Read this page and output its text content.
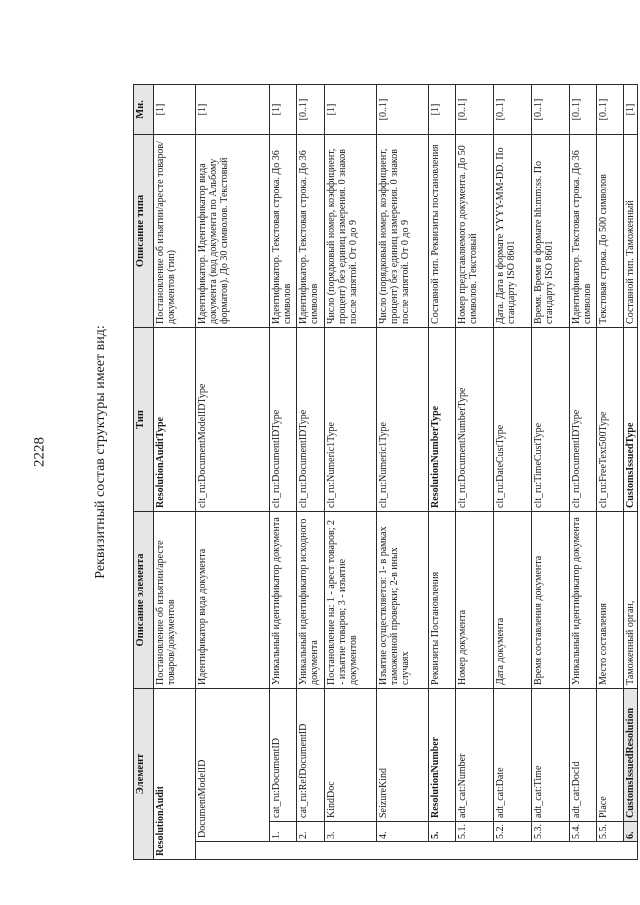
2228	Реквизитный состав структуры имеет вид:
Элемент			Описание элемента	Тип	Описание типа	Мн.
ResolutionAudit			Постановление об изъятии/аресте товаров/документов	ResolutionAuditType	Постановление об изъятии/аресте товаров/документов (тип)	[1]
	DocumentModelID		Идентификатор вида документа	clt_ru:DocumentModelIDType	Идентификатор. Идентификатор вида документа (код документа по Альбому форматов). До 30 символов. Текстовый	[1]
	1.	cat_ru:DocumentID	Уникальный идентификатор документа	clt_ru:DocumentIDType	Идентификатор. Текстовая строка. До 36 символов	[1]
	2.	cat_ru:RefDocumentID	Уникальный идентификатор исходного документа	clt_ru:DocumentIDType	Идентификатор. Текстовая строка. До 36 символов	[0..1]
	3.	KindDoc	Постановление на: 1 - арест товаров; 2 - изъятие товаров; 3 - изъятие документов	clt_ru:Numeric1Type	Число (порядковый номер, коэффициент, процент) без единиц измерения. 0 знаков после запятой. От 0 до 9	[1]
	4.	SeizureKind	Изъятие осуществляется: 1- в рамках таможенной проверки; 2-в иных случаях	clt_ru:Numeric1Type	Число (порядковый номер, коэффициент, процент) без единиц измерения. 0 знаков после запятой. От 0 до 9	[0..1]
	5.	ResolutionNumber	Реквизиты Постановления	ResolutionNumberType	Составной тип. Реквизиты постановления	[1]
	5.1.	adt_cat:Number	Номер документа	clt_ru:DocumentNumberType	Номер представляемого документа. До 50 символов. Текстовый	[0..1]
	5.2.	adt_cat:Date	Дата документа	clt_ru:DateCustType	Дата. Дата в формате YYYY-MM-DD. По стандарту ISO 8601	[0..1]
	5.3.	adt_cat:Time	Время составления документа	clt_ru:TimeCustType	Время. Время в формате hh:mm:ss. По стандарту ISO 8601	[0..1]
	5.4.	adt_cat:DocId	Уникальный идентификатор документа	clt_ru:DocumentIDType	Идентификатор. Текстовая строка. До 36 символов	[0..1]
	5.5.	Place	Место составления	clt_ru:FreeText500Type	Текстовая строка. До 500 символов	[0..1]
	6.	CustomsIssuedResolution	Таможенный орган,	CustomsIssuedType	Составной тип. Таможенный	[1]
